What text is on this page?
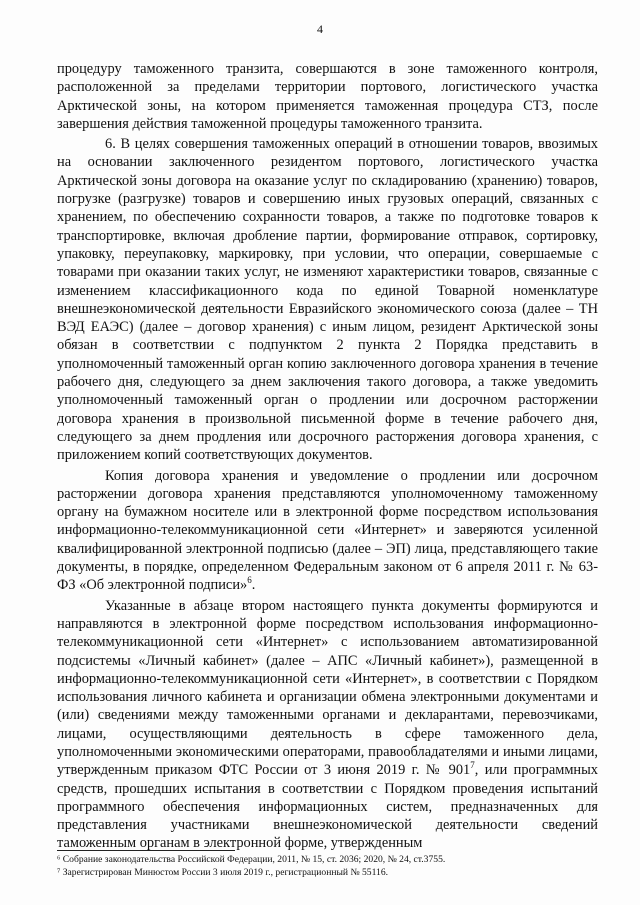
4

процедуру таможенного транзита, совершаются в зоне таможенного контроля, расположенной за пределами территории портового, логистического участка Арктической зоны, на котором применяется таможенная процедура СТЗ, после завершения действия таможенной процедуры таможенного транзита.

6. В целях совершения таможенных операций в отношении товаров, ввозимых на основании заключенного резидентом портового, логистического участка Арктической зоны договора на оказание услуг по складированию (хранению) товаров, погрузке (разгрузке) товаров и совершению иных грузовых операций, связанных с хранением, по обеспечению сохранности товаров, а также по подготовке товаров к транспортировке, включая дробление партии, формирование отправок, сортировку, упаковку, переупаковку, маркировку, при условии, что операции, совершаемые с товарами при оказании таких услуг, не изменяют характеристики товаров, связанные с изменением классификационного кода по единой Товарной номенклатуре внешнеэкономической деятельности Евразийского экономического союза (далее – ТН ВЭД ЕАЭС) (далее – договор хранения) с иным лицом, резидент Арктической зоны обязан в соответствии с подпунктом 2 пункта 2 Порядка представить в уполномоченный таможенный орган копию заключенного договора хранения в течение рабочего дня, следующего за днем заключения такого договора, а также уведомить уполномоченный таможенный орган о продлении или досрочном расторжении договора хранения в произвольной письменной форме в течение рабочего дня, следующего за днем продления или досрочного расторжения договора хранения, с приложением копий соответствующих документов.

Копия договора хранения и уведомление о продлении или досрочном расторжении договора хранения представляются уполномоченному таможенному органу на бумажном носителе или в электронной форме посредством использования информационно-телекоммуникационной сети «Интернет» и заверяются усиленной квалифицированной электронной подписью (далее – ЭП) лица, представляющего такие документы, в порядке, определенном Федеральным законом от 6 апреля 2011 г. № 63-ФЗ «Об электронной подписи»$^6$.

Указанные в абзаце втором настоящего пункта документы формируются и направляются в электронной форме посредством использования информационно-телекоммуникационной сети «Интернет» с использованием автоматизированной подсистемы «Личный кабинет» (далее – АПС «Личный кабинет»), размещенной в информационно-телекоммуникационной сети «Интернет», в соответствии с Порядком использования личного кабинета и организации обмена электронными документами и (или) сведениями между таможенными органами и декларантами, перевозчиками, лицами, осуществляющими деятельность в сфере таможенного дела, уполномоченными экономическими операторами, правообладателями и иными лицами, утвержденным приказом ФТС России от 3 июня 2019 г. № $901^7$, или программных средств, прошедших испытания в соответствии с Порядком проведения испытаний программного обеспечения информационных систем, предназначенных для представления участниками внешнеэкономической деятельности сведений таможенным органам в электронной форме, утвержденным

⁶ Собрание законодательства Российской Федерации, 2011, № 15, ст. 2036; 2020, № 24, ст.3755.
⁷ Зарегистрирован Минюстом России 3 июля 2019 г., регистрационный № 55116.
